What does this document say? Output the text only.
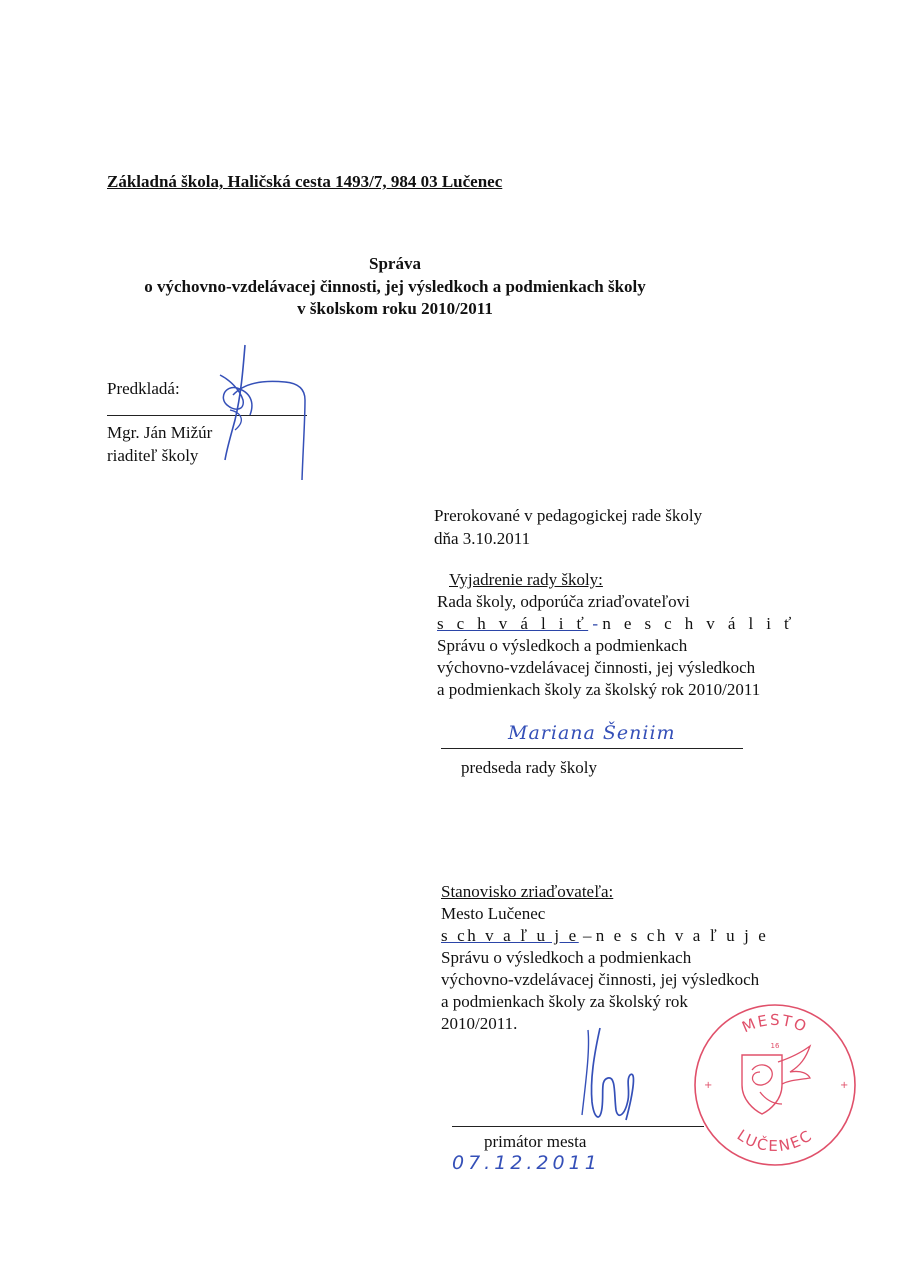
Základná škola, Haličská cesta 1493/7, 984 03 Lučenec
Správa
o výchovno-vzdelávacej činnosti, jej výsledkoch a podmienkach školy
v školskom roku 2010/2011
Predkladá:
Mgr. Ján Mižúr
riaditeľ školy
Prerokované v pedagogickej rade školy
dňa 3.10.2011
Vyjadrenie rady školy:
Rada školy, odporúča zriaďovateľovi
s c h v á l i ť - n e s c h v á l i ť
Správu o výsledkoch a podmienkach
výchovno-vzdelávacej činnosti, jej výsledkoch
a podmienkach školy za školský rok 2010/2011
Mariana Šeniim
predseda rady školy
Stanovisko zriaďovateľa:
Mesto Lučenec
s ch v a ľ u j e – n e s ch v a ľ u j e
Správu o výsledkoch a podmienkach
výchovno-vzdelávacej činnosti, jej výsledkoch
a podmienkach školy za školský rok
2010/2011.
primátor mesta
07.12.2011
MESTO
LUČENEC
16
+	+
